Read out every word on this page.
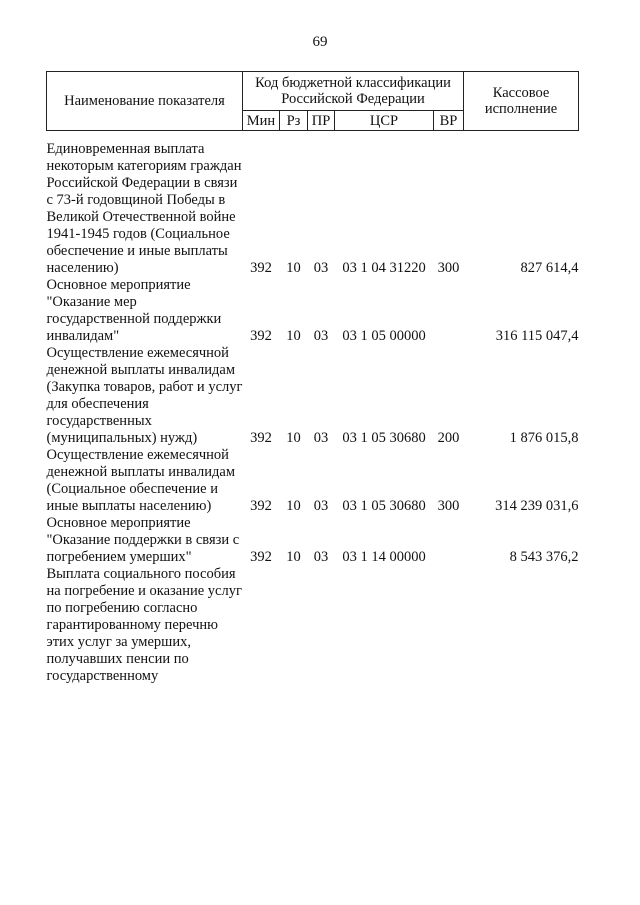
69
Наименование показателя	Код бюджетной классификации Российской Федерации					Кассовое исполнение
	Мин	Рз	ПР	ЦСР	ВР	

Единовременная выплата некоторым категориям граждан Российской Федерации в связи с 73-й годовщиной Победы в Великой Отечественной войне 1941-1945 годов (Социальное обеспечение и иные выплаты населению)	392	10	03	03 1 04 31220	300	827 614,4
Основное мероприятие "Оказание мер государственной поддержки инвалидам"	392	10	03	03 1 05 00000		316 115 047,4
Осуществление ежемесячной денежной выплаты инвалидам (Закупка товаров, работ и услуг для обеспечения государственных (муниципальных) нужд)	392	10	03	03 1 05 30680	200	1 876 015,8
Осуществление ежемесячной денежной выплаты инвалидам (Социальное обеспечение и иные выплаты населению)	392	10	03	03 1 05 30680	300	314 239 031,6
Основное мероприятие "Оказание поддержки в связи с погребением умерших"	392	10	03	03 1 14 00000		8 543 376,2
Выплата социального пособия на погребение и оказание услуг по погребению согласно гарантированному перечню этих услуг за умерших, получавших пенсии по государственному						
